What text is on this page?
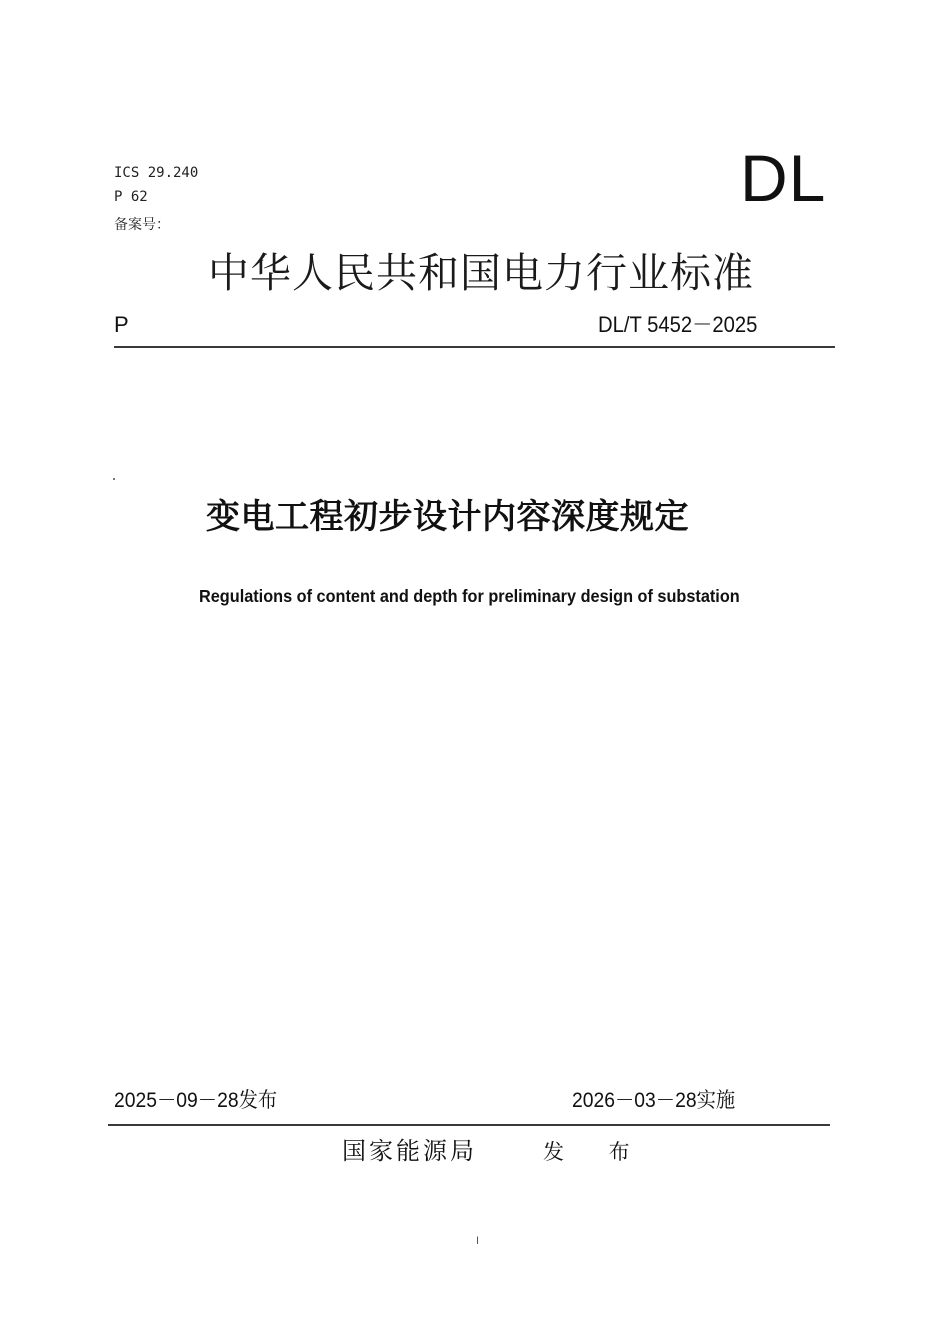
ICS 29.240
P 62
备案号：
DL
中华人民共和国电力行业标准
P	DL/T 5452－2025
变电工程初步设计内容深度规定
Regulations of content and depth for preliminary design of substation
2025－09－28发布	2026－03－28实施
国家能源局	发 布
I
